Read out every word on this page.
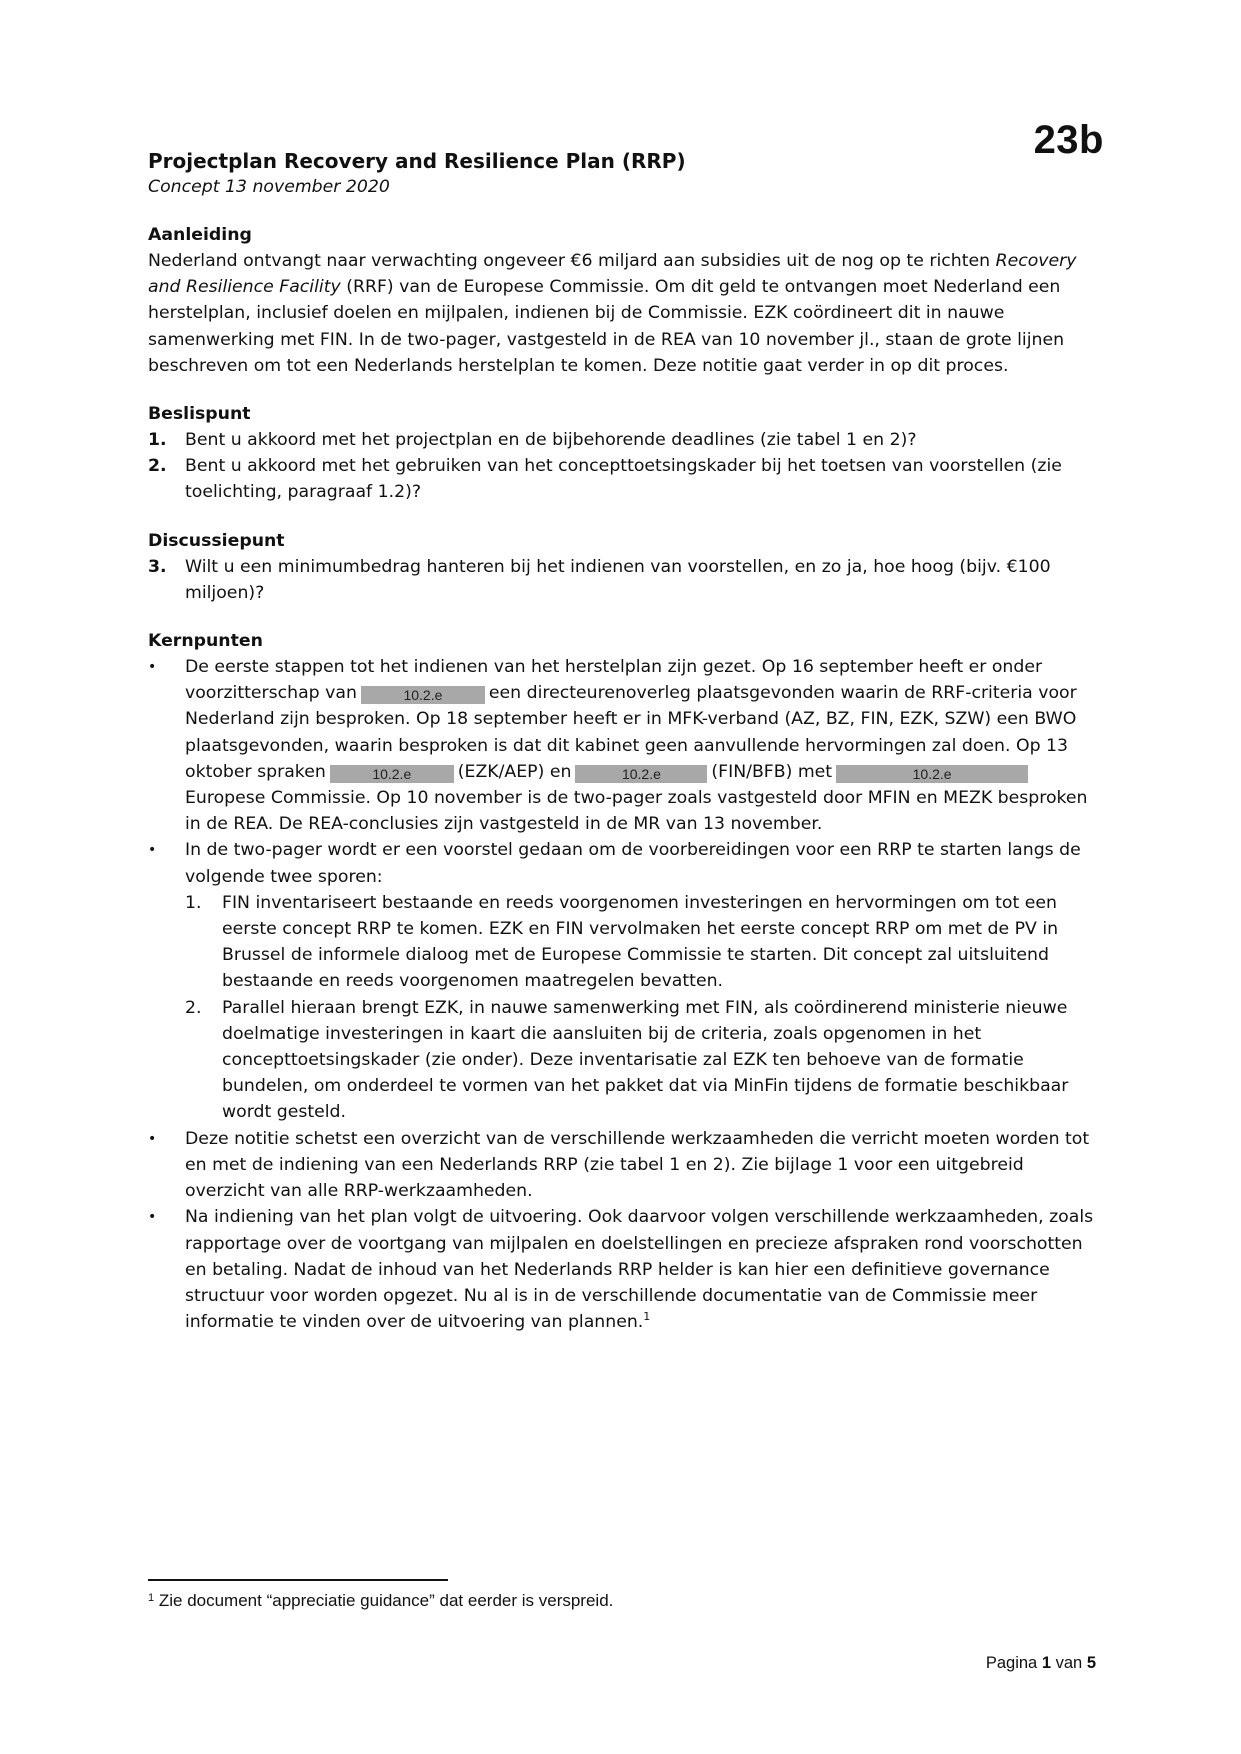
23b

Projectplan Recovery and Resilience Plan (RRP)

Concept 13 november 2020

Aanleiding

Nederland ontvangt naar verwachting ongeveer €6 miljard aan subsidies uit de nog op te richten Recovery and Resilience Facility (RRF) van de Europese Commissie. Om dit geld te ontvangen moet Nederland een herstelplan, inclusief doelen en mijlpalen, indienen bij de Commissie. EZK coördineert dit in nauwe samenwerking met FIN. In de two-pager, vastgesteld in de REA van 10 november jl., staan de grote lijnen beschreven om tot een Nederlands herstelplan te komen. Deze notitie gaat verder in op dit proces.

Beslispunt
1. Bent u akkoord met het projectplan en de bijbehorende deadlines (zie tabel 1 en 2)?
2. Bent u akkoord met het gebruiken van het concepttoetsingskader bij het toetsen van voorstellen (zie toelichting, paragraaf 1.2)?
Discussiepunt
3. Wilt u een minimumbedrag hanteren bij het indienen van voorstellen, en zo ja, hoe hoog (bijv. €100 miljoen)?
Kernpunten
• De eerste stappen tot het indienen van het herstelplan zijn gezet. Op 16 september heeft er onder voorzitterschap van	10.2.e	een directeurenoverleg plaatsgevonden waarin de RRF-criteria voor Nederland zijn besproken. Op 18 september heeft er in MFK-verband (AZ, BZ, FIN, EZK, SZW) een BWO plaatsgevonden, waarin besproken is dat dit kabinet geen aanvullende hervormingen zal doen. Op 13 oktober spraken	10.2.e	(EZK/AEP) en	10.2.e	(FIN/BFB) met	10.2.eEuropese Commissie. Op 10 november is de two-pager zoals vastgesteld door MFIN en MEZK besproken in de REA. De REA-conclusies zijn vastgesteld in de MR van 13 november.
• In de two-pager wordt er een voorstel gedaan om de voorbereidingen voor een RRP te starten langs de volgende twee sporen:
1. FIN inventariseert bestaande en reeds voorgenomen investeringen en hervormingen om tot een eerste concept RRP te komen. EZK en FIN vervolmaken het eerste concept RRP om met de PV in Brussel de informele dialoog met de Europese Commissie te starten. Dit concept zal uitsluitend bestaande en reeds voorgenomen maatregelen bevatten.
2. Parallel hieraan brengt EZK, in nauwe samenwerking met FIN, als coördinerend ministerie nieuwe doelmatige investeringen in kaart die aansluiten bij de criteria, zoals opgenomen in het concepttoetsingskader (zie onder). Deze inventarisatie zal EZK ten behoeve van de formatie bundelen, om onderdeel te vormen van het pakket dat via MinFin tijdens de formatie beschikbaar wordt gesteld.
• Deze notitie schetst een overzicht van de verschillende werkzaamheden die verricht moeten worden tot en met de indiening van een Nederlands RRP (zie tabel 1 en 2). Zie bijlage 1 voor een uitgebreid overzicht van alle RRP-werkzaamheden.
• Na indiening van het plan volgt de uitvoering. Ook daarvoor volgen verschillende werkzaamheden, zoals rapportage over de voortgang van mijlpalen en doelstellingen en precieze afspraken rond voorschotten en betaling. Nadat de inhoud van het Nederlands RRP helder is kan hier een definitieve governance structuur voor worden opgezet. Nu al is in de verschillende documentatie van de Commissie meer informatie te vinden over de uitvoering van plannen.$^1$
$^1$ Zie document “appreciatie guidance” dat eerder is verspreid.
Pagina 1 van 5
